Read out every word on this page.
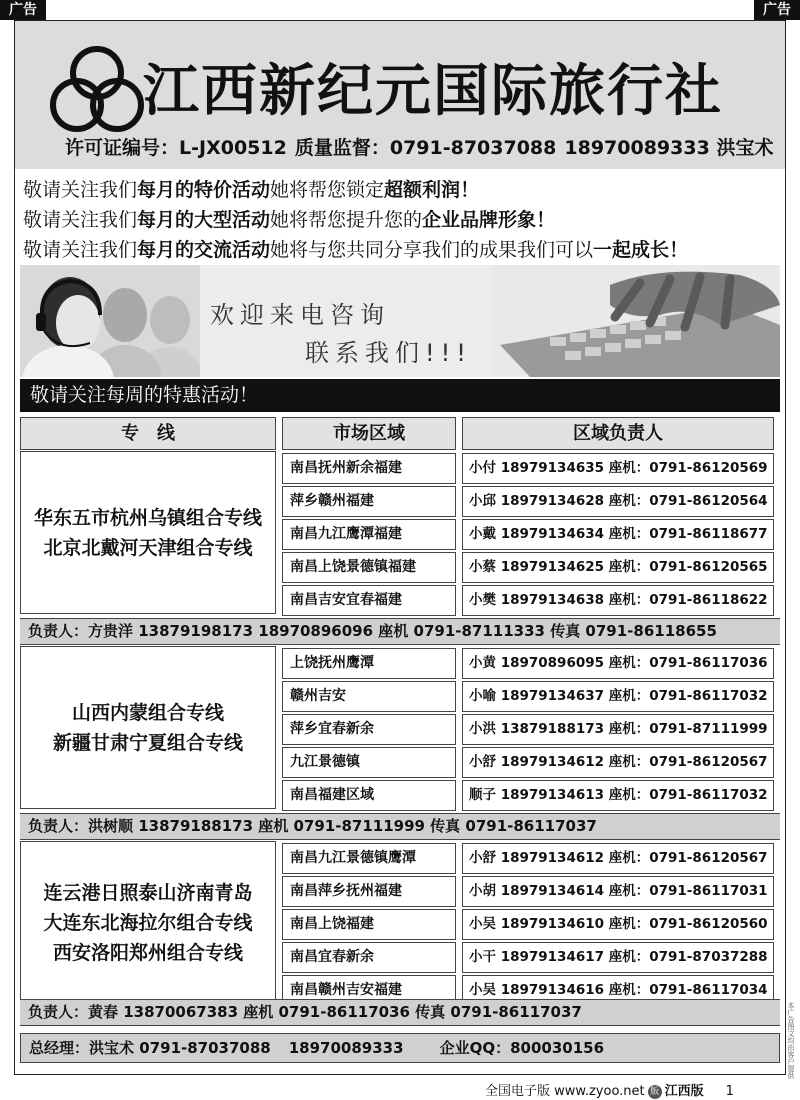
广告	广告
江西新纪元国际旅行社
许可证编号：L-JX00512 质量监督：0791-87037088 18970089333 洪宝术
敬请关注我们每月的特价活动她将帮您锁定超额利润！
敬请关注我们每月的大型活动她将帮您提升您的企业品牌形象！
敬请关注我们每月的交流活动她将与您共同分享我们的成果我们可以一起成长！
欢迎来电咨询
联系我们!!!
敬请关注每周的特惠活动！
专　线	市场区域	区域负责人
华东五市杭州乌镇组合专线
北京北戴河天津组合专线
南昌抚州新余福建	小付 18979134635 座机：0791-86120569
萍乡赣州福建	小邱 18979134628 座机：0791-86120564
南昌九江鹰潭福建	小戴 18979134634 座机：0791-86118677
南昌上饶景德镇福建	小蔡 18979134625 座机：0791-86120565
南昌吉安宜春福建	小樊 18979134638 座机：0791-86118622
负责人：方贵洋 13879198173 18970896096 座机 0791-87111333 传真 0791-86118655
山西内蒙组合专线
新疆甘肃宁夏组合专线
上饶抚州鹰潭	小黄 18970896095 座机：0791-86117036
赣州吉安	小喻 18979134637 座机：0791-86117032
萍乡宜春新余	小洪 13879188173 座机：0791-87111999
九江景德镇	小舒 18979134612 座机：0791-86120567
南昌福建区域	顺子 18979134613 座机：0791-86117032
负责人：洪树顺 13879188173 座机 0791-87111999 传真 0791-86117037
连云港日照泰山济南青岛
大连东北海拉尔组合专线
西安洛阳郑州组合专线
南昌九江景德镇鹰潭	小舒 18979134612 座机：0791-86120567
南昌萍乡抚州福建	小胡 18979134614 座机：0791-86117031
南昌上饶福建	小吴 18979134610 座机：0791-86120560
南昌宜春新余	小干 18979134617 座机：0791-87037288
南昌赣州吉安福建	小吴 18979134616 座机：0791-86117034
负责人：黄春 13870067383 座机 0791-86117036 传真 0791-86117037
总经理：洪宝术 0791-87037088 18970089333 企业QQ：800030156
全国电子版 www.zyoo.net 版 江西版 1
本广告图文均由客户提供
